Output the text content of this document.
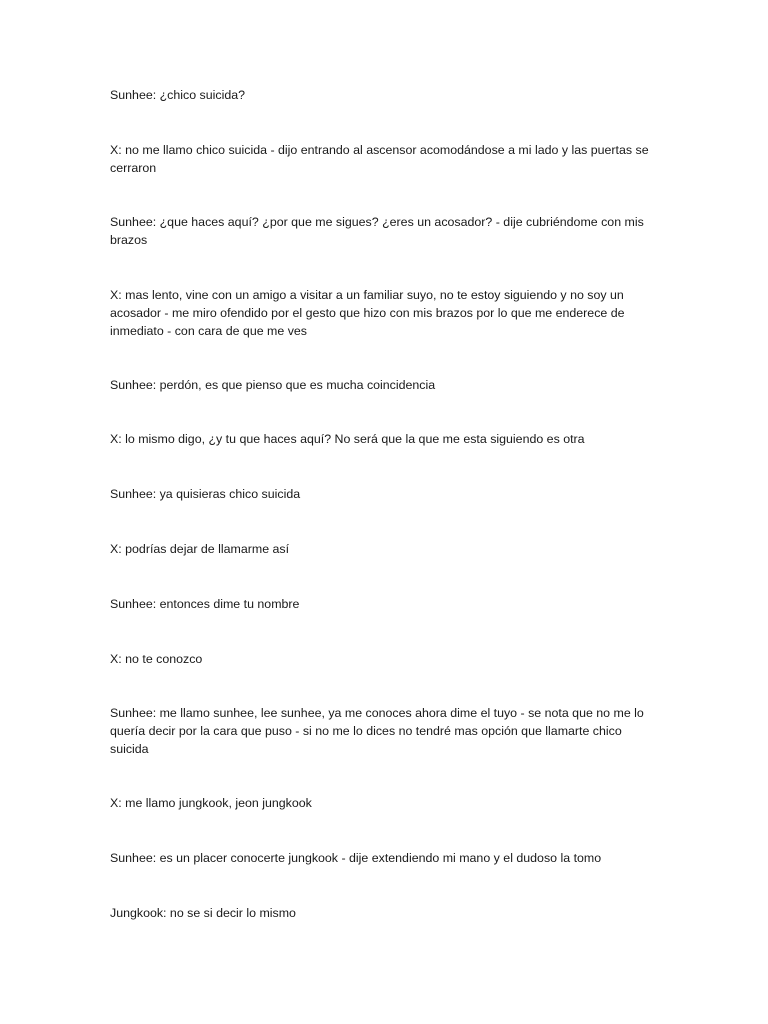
Sunhee: ¿chico suicida?

X: no me llamo chico suicida - dijo entrando al ascensor acomodándose a mi lado y las puertas se cerraron

Sunhee: ¿que haces aquí? ¿por que me sigues? ¿eres un acosador? - dije cubriéndome con mis brazos

X: mas lento, vine con un amigo a visitar a un familiar suyo, no te estoy siguiendo y no soy un acosador - me miro ofendido por el gesto que hizo con mis brazos por lo que me enderece de inmediato - con cara de que me ves

Sunhee: perdón, es que pienso que es mucha coincidencia

X: lo mismo digo, ¿y tu que haces aquí? No será que la que me esta siguiendo es otra

Sunhee: ya quisieras chico suicida

X: podrías dejar de llamarme así

Sunhee: entonces dime tu nombre

X: no te conozco

Sunhee: me llamo sunhee, lee sunhee, ya me conoces ahora dime el tuyo - se nota que no me lo quería decir por la cara que puso - si no me lo dices no tendré mas opción que llamarte chico suicida

X: me llamo jungkook, jeon jungkook

Sunhee: es un placer conocerte jungkook - dije extendiendo mi mano y el dudoso la tomo

Jungkook: no se si decir lo mismo
